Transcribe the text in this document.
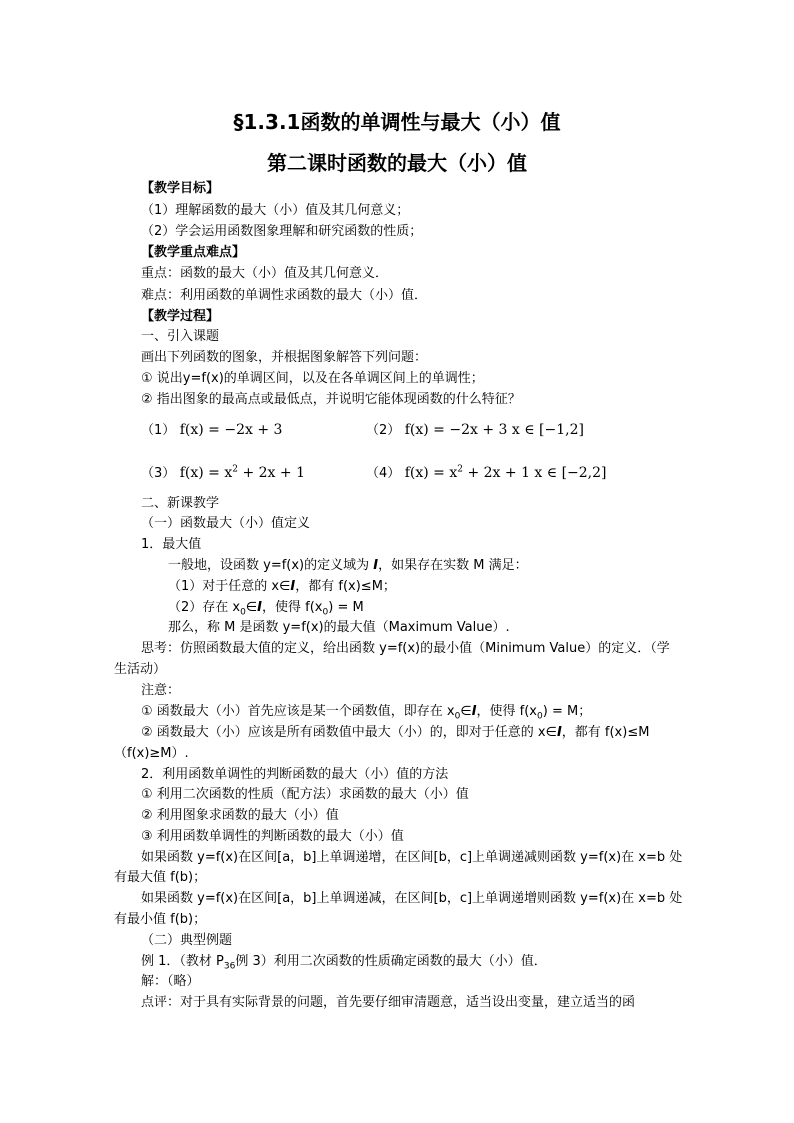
§1.3.1函数的单调性与最大（小）值
第二课时函数的最大（小）值
【教学目标】
（1）理解函数的最大（小）值及其几何意义；
（2）学会运用函数图象理解和研究函数的性质；
【教学重点难点】
重点：函数的最大（小）值及其几何意义．
难点：利用函数的单调性求函数的最大（小）值．
【教学过程】
一、引入课题
画出下列函数的图象，并根据图象解答下列问题：
① 说出y=f(x)的单调区间，以及在各单调区间上的单调性；
② 指出图象的最高点或最低点，并说明它能体现函数的什么特征？
（1） f(x) = −2x + 3	（2） f(x) = −2x + 3 x ∈ [−1,2]
（3） $f(x) = x^2 + 2x + 1$	（4） $f(x) = x^2 + 2x + 1$ x ∈ [−2,2]
二、新课教学
（一）函数最大（小）值定义
1．最大值
一般地，设函数 y=f(x)的定义域为 I，如果存在实数 M 满足：
（1）对于任意的 x∈I，都有 f(x)≤M；
（2）存在 $x_0\in I$，使得 $f(x_0) = M$
那么，称 M 是函数 y=f(x)的最大值（Maximum Value）.
思考：仿照函数最大值的定义，给出函数 y=f(x)的最小值（Minimum Value）的定义．（学
生活动）
注意：
① 函数最大（小）首先应该是某一个函数值，即存在 $x_0\in I$，使得 $f(x_0) = M$；
② 函数最大（小）应该是所有函数值中最大（小）的，即对于任意的 x∈I，都有 f(x)≤M
（f(x)≥M）.
2．利用函数单调性的判断函数的最大（小）值的方法
① 利用二次函数的性质（配方法）求函数的最大（小）值
② 利用图象求函数的最大（小）值
③ 利用函数单调性的判断函数的最大（小）值
如果函数 y=f(x)在区间[a，b]上单调递增，在区间[b，c]上单调递减则函数 y=f(x)在 x=b 处
有最大值 f(b)；
如果函数 y=f(x)在区间[a，b]上单调递减，在区间[b，c]上单调递增则函数 y=f(x)在 x=b 处
有最小值 f(b)；
（二）典型例题
例 1．（教材 $P_{36}$例 3）利用二次函数的性质确定函数的最大（小）值．
解：（略）
点评：对于具有实际背景的问题，首先要仔细审清题意，适当设出变量，建立适当的函
